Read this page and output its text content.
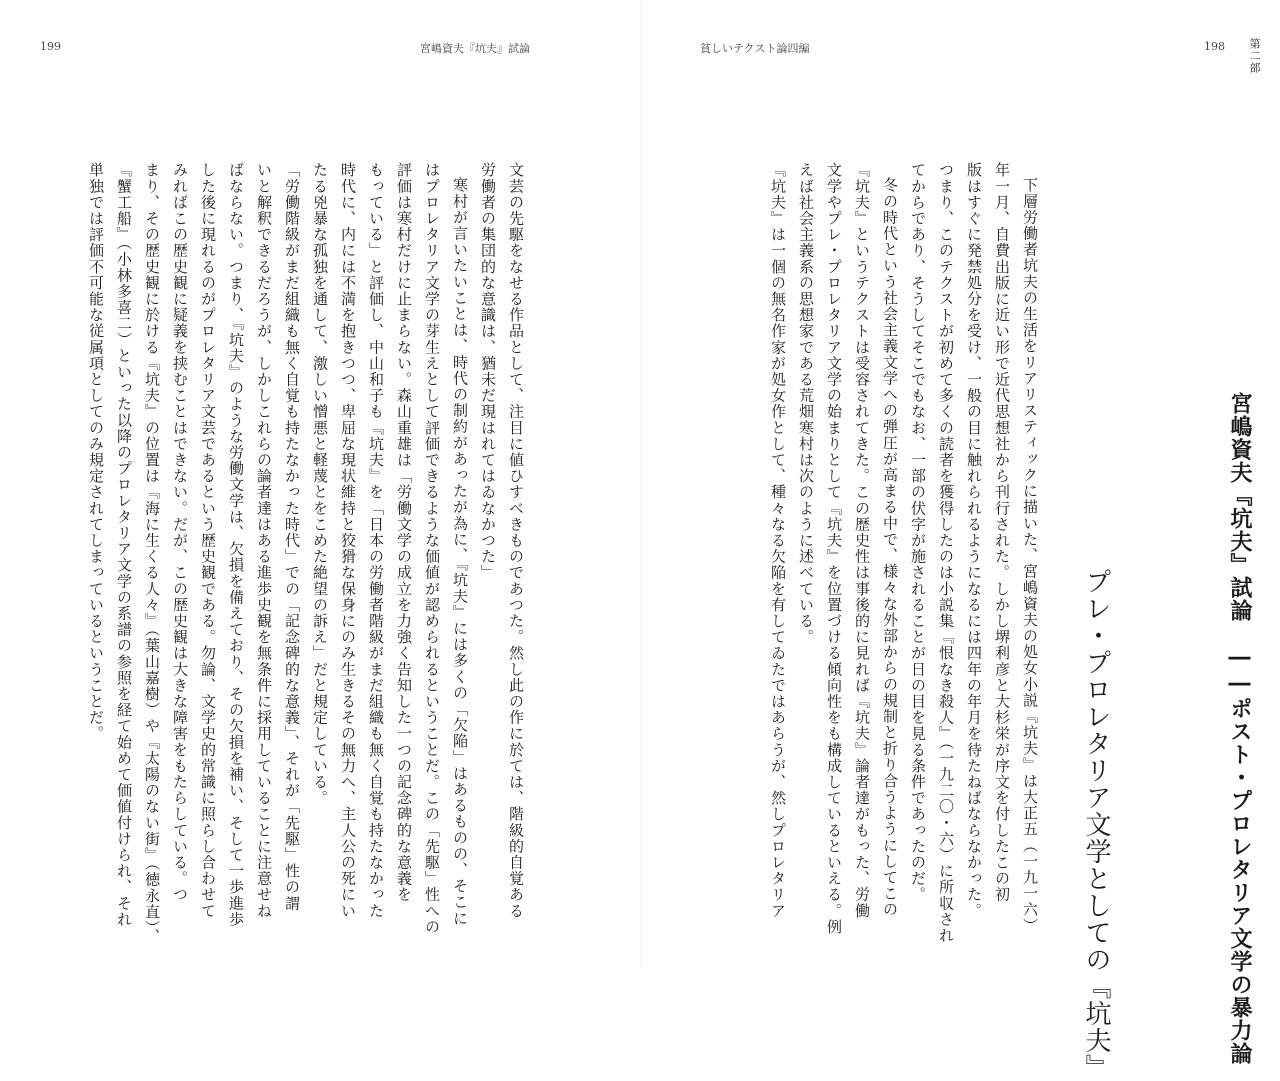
199	宮嶋資夫『坑夫』試論
文芸の先駆をなせる作品として、注目に値ひすべきものであつた。然し此の作に於ては、階級的自覚ある
労働者の集団的な意識は、猶未だ現はれてはゐなかつた」
寒村が言いたいことは、時代の制約があったが為に、『坑夫』には多くの「欠陥」はあるものの、そこに
はプロレタリア文学の芽生えとして評価できるような価値が認められるということだ。この「先駆」性への
評価は寒村だけに止まらない。森山重雄は「労働文学の成立を力強く告知した一つの記念碑的な意義を
もっている」と評価し、中山和子も『坑夫』を「日本の労働者階級がまだ組織も無く自覚も持たなかった
時代に、内には不満を抱きつつ、卑屈な現状維持と狡猾な保身にのみ生きるその無力へ、主人公の死にい
たる兇暴な孤独を通して、激しい憎悪と軽蔑とをこめた絶望の訴え」だと規定している。
「労働階級がまだ組織も無く自覚も持たなかった時代」での「記念碑的な意義」、それが「先駆」性の謂
いと解釈できるだろうが、しかしこれらの論者達はある進歩史観を無条件に採用していることに注意せね
ばならない。つまり、『坑夫』のような労働文学は、欠損を備えており、その欠損を補い、そして一歩進歩
した後に現れるのがプロレタリア文芸であるという歴史観である。勿論、文学史的常識に照らし合わせて
みればこの歴史観に疑義を挟むことはできない。だが、この歴史観は大きな障害をもたらしている。つ
まり、その歴史観に於ける『坑夫』の位置は『海に生くる人々』（葉山嘉樹）や『太陽のない街』（徳永直）、
『蟹工船』（小林多喜二）といった以降のプロレタリア文学の系譜の参照を経て始めて価値付けられ、それ
単独では評価不可能な従属項としてのみ規定されてしまっているということだ。
貧しいテクスト論四編	198 第二部
宮嶋資夫『坑夫』試論　――ポスト・プロレタリア文学の暴力論
プレ・プロレタリア文学としての『坑夫』
下層労働者坑夫の生活をリアリスティックに描いた、宮嶋資夫の処女小説『坑夫』は大正五（一九一六）
年一月、自費出版に近い形で近代思想社から刊行された。しかし堺利彦と大杉栄が序文を付したこの初
版はすぐに発禁処分を受け、一般の目に触れられるようになるには四年の年月を待たねばならなかった。
つまり、このテクストが初めて多くの読者を獲得したのは小説集『恨なき殺人』（一九二〇・六）に所収され
てからであり、そうしてそこでもなお、一部の伏字が施されることが日の目を見る条件であったのだ。
冬の時代という社会主義文学への弾圧が高まる中で、様々な外部からの規制と折り合うようにしてこの
『坑夫』というテクストは受容されてきた。この歴史性は事後的に見れば『坑夫』論者達がもった、労働
文学やプレ・プロレタリア文学の始まりとして『坑夫』を位置づける傾向性をも構成しているといえる。例
えば社会主義系の思想家である荒畑寒村は次のように述べている。
『坑夫』は一個の無名作家が処女作として、種々なる欠陥を有してゐたではあらうが、然しプロレタリア
